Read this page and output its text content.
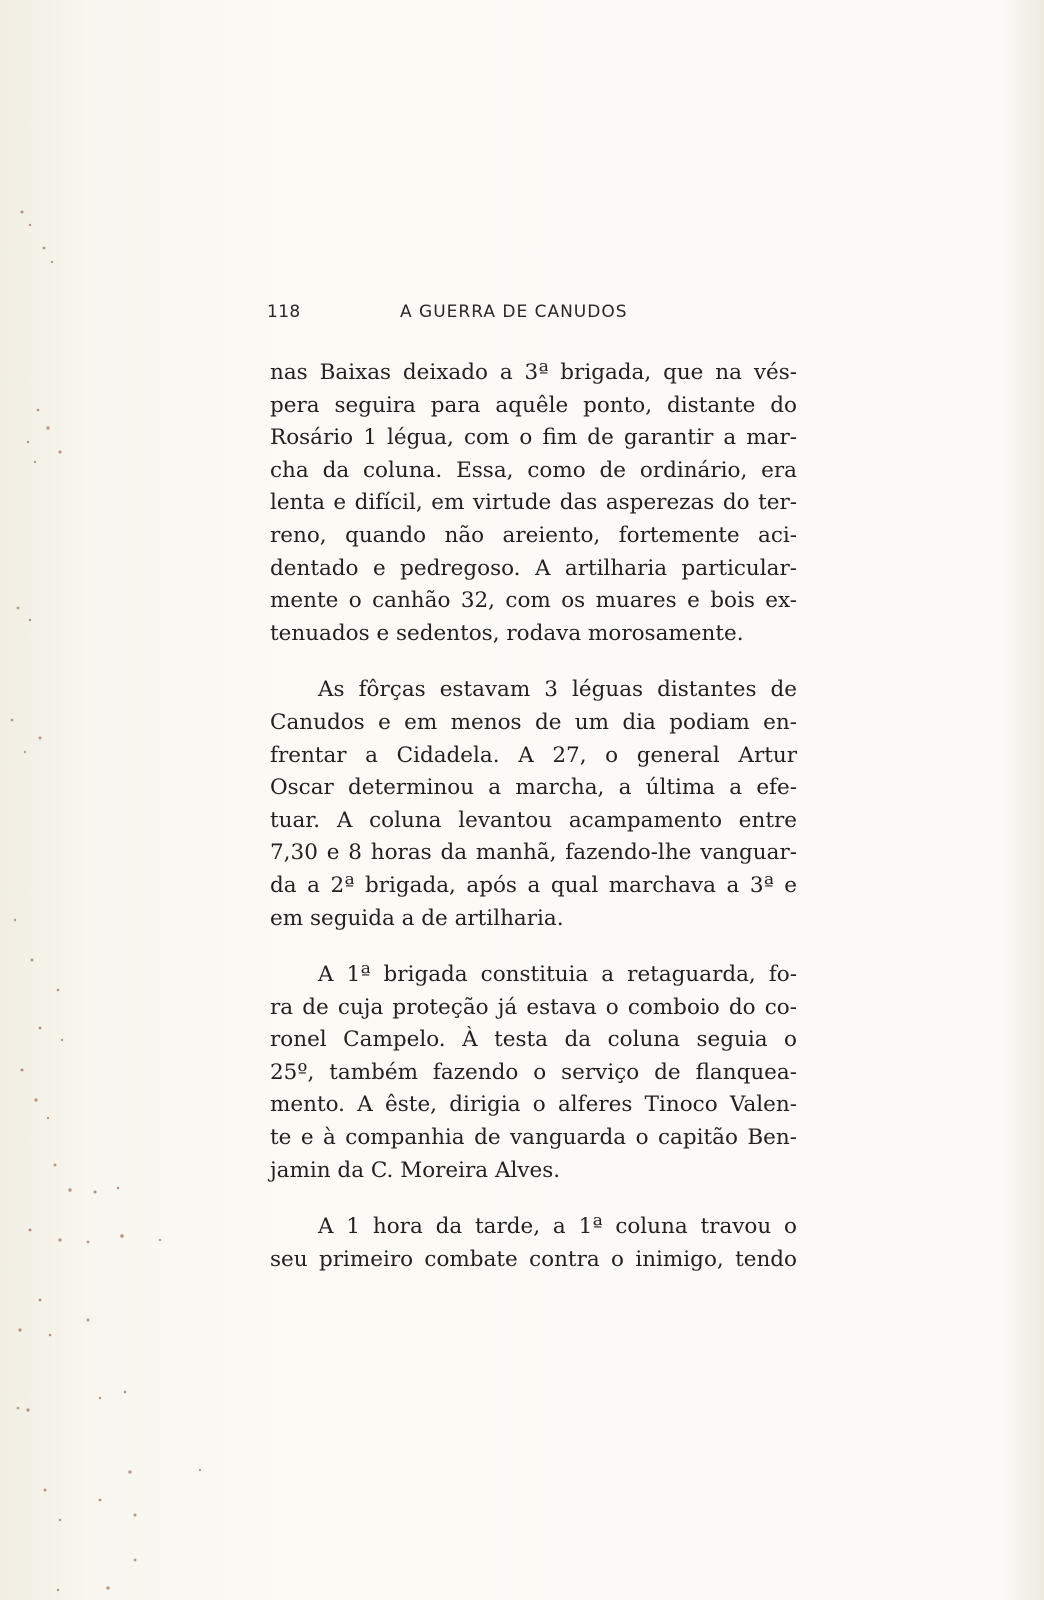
118	A GUERRA DE CANUDOS
nas Baixas deixado a 3ª brigada, que na vés-
pera seguira para aquêle ponto, distante do
Rosário 1 légua, com o fim de garantir a mar-
cha da coluna. Essa, como de ordinário, era
lenta e difícil, em virtude das asperezas do ter-
reno, quando não areiento, fortemente aci-
dentado e pedregoso. A artilharia particular-
mente o canhão 32, com os muares e bois ex-
tenuados e sedentos, rodava morosamente.
As fôrças estavam 3 léguas distantes de
Canudos e em menos de um dia podiam en-
frentar a Cidadela. A 27, o general Artur
Oscar determinou a marcha, a última a efe-
tuar. A coluna levantou acampamento entre
7,30 e 8 horas da manhã, fazendo-lhe vanguar-
da a 2ª brigada, após a qual marchava a 3ª e
em seguida a de artilharia.
A 1ª brigada constituia a retaguarda, fo-
ra de cuja proteção já estava o comboio do co-
ronel Campelo. À testa da coluna seguia o
25º, também fazendo o serviço de flanquea-
mento. A êste, dirigia o alferes Tinoco Valen-
te e à companhia de vanguarda o capitão Ben-
jamin da C. Moreira Alves.
A 1 hora da tarde, a 1ª coluna travou o
seu primeiro combate contra o inimigo, tendo
